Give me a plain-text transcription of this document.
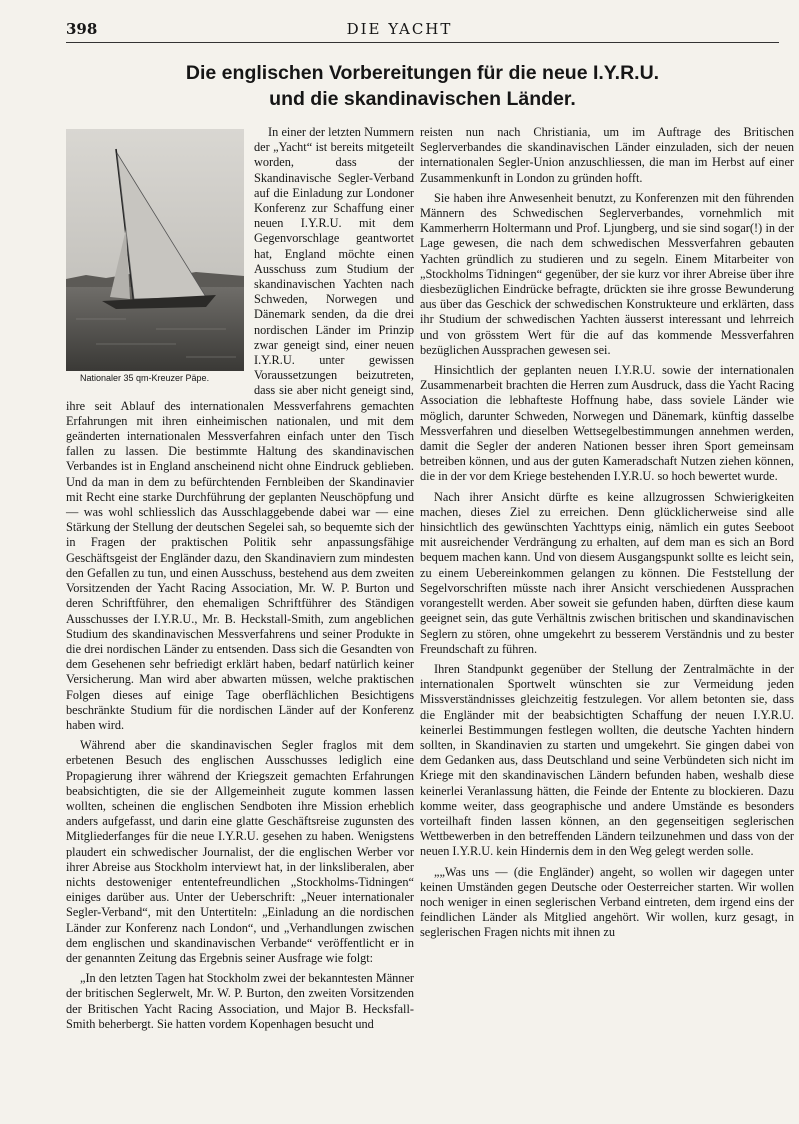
398	DIE YACHT
Die englischen Vorbereitungen für die neue I.Y.R.U.
und die skandinavischen Länder.

Nationaler 35 qm-Kreuzer Päpe.

In einer der letzten Nummern der „Yacht“ ist bereits mitgeteilt worden, dass der Skandinavische Segler-Verband auf die Einladung zur Londoner Konferenz zur Schaffung einer neuen I.Y.R.U. mit dem Gegenvorschlage geantwortet hat, England möchte einen Ausschuss zum Studium der skandinavischen Yachten nach Schweden, Norwegen und Dänemark senden, da die drei nordischen Länder im Prinzip zwar geneigt sind, einer neuen I.Y.R.U. unter gewissen Voraussetzungen beizutreten, dass sie aber nicht geneigt sind, ihre seit Ablauf des internationalen Messverfahrens gemachten Erfahrungen mit ihren einheimischen nationalen, und mit dem geänderten internationalen Messverfahren einfach unter den Tisch fallen zu lassen. Die bestimmte Haltung des skandinavischen Verbandes ist in England anscheinend nicht ohne Eindruck geblieben. Und da man in dem zu befürchtenden Fernbleiben der Skandinavier mit Recht eine starke Durchführung der geplanten Neuschöpfung und — was wohl schliesslich das Ausschlaggebende dabei war — eine Stärkung der Stellung der deutschen Segelei sah, so bequemte sich der in Fragen der praktischen Politik sehr anpassungsfähige Geschäftsgeist der Engländer dazu, den Skandinaviern zum mindesten den Gefallen zu tun, und einen Ausschuss, bestehend aus dem zweiten Vorsitzenden der Yacht Racing Association, Mr. W. P. Burton und deren Schriftführer, den ehemaligen Schriftführer des Ständigen Ausschusses der I.Y.R.U., Mr. B. Heckstall-Smith, zum angeblichen Studium des skandinavischen Messverfahrens und seiner Produkte in die drei nordischen Länder zu entsenden. Dass sich die Gesandten von dem Gesehenen sehr befriedigt erklärt haben, bedarf natürlich keiner Versicherung. Man wird aber abwarten müssen, welche praktischen Folgen dieses auf einige Tage oberflächlichen Besichtigens beschränkte Studium für die nordischen Länder auf der Konferenz haben wird.

Während aber die skandinavischen Segler fraglos mit dem erbetenen Besuch des englischen Ausschusses lediglich eine Propagierung ihrer während der Kriegszeit gemachten Erfahrungen beabsichtigten, die sie der Allgemeinheit zugute kommen lassen wollten, scheinen die englischen Sendboten ihre Mission erheblich anders aufgefasst, und darin eine glatte Geschäftsreise zugunsten des Mitgliederfanges für die neue I.Y.R.U. gesehen zu haben. Wenigstens plaudert ein schwedischer Journalist, der die englischen Werber vor ihrer Abreise aus Stockholm interviewt hat, in der linksliberalen, aber nichts destoweniger ententefreundlichen „Stockholms-Tidningen“ einiges darüber aus. Unter der Ueberschrift: „Neuer internationaler Segler-Verband“, mit den Untertiteln: „Einladung an die nordischen Länder zur Konferenz nach London“, und „Verhandlungen zwischen dem englischen und skandinavischen Verbande“ veröffentlicht er in der genannten Zeitung das Ergebnis seiner Ausfrage wie folgt:

„In den letzten Tagen hat Stockholm zwei der bekanntesten Männer der britischen Seglerwelt, Mr. W. P. Burton, den zweiten Vorsitzenden der Britischen Yacht Racing Association, und Major B. Hecksfall-Smith beherbergt. Sie hatten vordem Kopenhagen besucht und

reisten nun nach Christiania, um im Auftrage des Britischen Seglerverbandes die skandinavischen Länder einzuladen, sich der neuen internationalen Segler-Union anzuschliessen, die man im Herbst auf einer Zusammenkunft in London zu gründen hofft.

Sie haben ihre Anwesenheit benutzt, zu Konferenzen mit den führenden Männern des Schwedischen Seglerverbandes, vornehmlich mit Kammerherrn Holtermann und Prof. Ljungberg, und sie sind sogar(!) in der Lage gewesen, die nach dem schwedischen Messverfahren gebauten Yachten gründlich zu studieren und zu segeln. Einem Mitarbeiter von „Stockholms Tidningen“ gegenüber, der sie kurz vor ihrer Abreise über ihre diesbezüglichen Eindrücke befragte, drückten sie ihre grosse Bewunderung aus über das Geschick der schwedischen Konstrukteure und erklärten, dass ihr Studium der schwedischen Yachten äusserst interessant und lehrreich und von grösstem Wert für die auf das kommende Messverfahren bezüglichen Aussprachen gewesen sei.

Hinsichtlich der geplanten neuen I.Y.R.U. sowie der internationalen Zusammenarbeit brachten die Herren zum Ausdruck, dass die Yacht Racing Association die lebhafteste Hoffnung habe, dass soviele Länder wie möglich, darunter Schweden, Norwegen und Dänemark, künftig dasselbe Messverfahren und dieselben Wettsegelbestimmungen annehmen werden, damit die Segler der anderen Nationen besser ihren Sport gemeinsam betreiben können, und aus der guten Kameradschaft Nutzen ziehen können, die in der vor dem Kriege bestehenden I.Y.R.U. so hoch bewertet wurde.

Nach ihrer Ansicht dürfte es keine allzugrossen Schwierigkeiten machen, dieses Ziel zu erreichen. Denn glücklicherweise sind alle hinsichtlich des gewünschten Yachttyps einig, nämlich ein gutes Seeboot mit ausreichender Verdrängung zu erhalten, auf dem man es sich an Bord bequem machen kann. Und von diesem Ausgangspunkt sollte es leicht sein, zu einem Uebereinkommen gelangen zu können. Die Feststellung der Segelvorschriften müsste nach ihrer Ansicht verschiedenen Aussprachen vorangestellt werden. Aber soweit sie gefunden haben, dürften diese kaum geeignet sein, das gute Verhältnis zwischen britischen und skandinavischen Seglern zu stören, ohne umgekehrt zu besserem Verständnis und zu bester Freundschaft zu führen.

Ihren Standpunkt gegenüber der Stellung der Zentralmächte in der internationalen Sportwelt wünschten sie zur Vermeidung jeden Missverständnisses gleichzeitig festzulegen. Vor allem betonten sie, dass die Engländer mit der beabsichtigten Schaffung der neuen I.Y.R.U. keinerlei Bestimmungen festlegen wollten, die deutsche Yachten hindern sollten, in Skandinavien zu starten und umgekehrt. Sie gingen dabei von dem Gedanken aus, dass Deutschland und seine Verbündeten sich nicht im Kriege mit den skandinavischen Ländern befunden haben, weshalb diese keinerlei Veranlassung hätten, die Feinde der Entente zu blockieren. Dazu komme weiter, dass geographische und andere Umstände es besonders vorteilhaft finden lassen können, an den gegenseitigen seglerischen Wettbewerben in den betreffenden Ländern teilzunehmen und dass von der neuen I.Y.R.U. kein Hindernis dem in den Weg gelegt werden solle.

„„Was uns — (die Engländer) angeht, so wollen wir dagegen unter keinen Umständen gegen Deutsche oder Oesterreicher starten. Wir wollen noch weniger in einen seglerischen Verband eintreten, dem irgend eins der feindlichen Länder als Mitglied angehört. Wir wollen, kurz gesagt, in seglerischen Fragen nichts mit ihnen zu
